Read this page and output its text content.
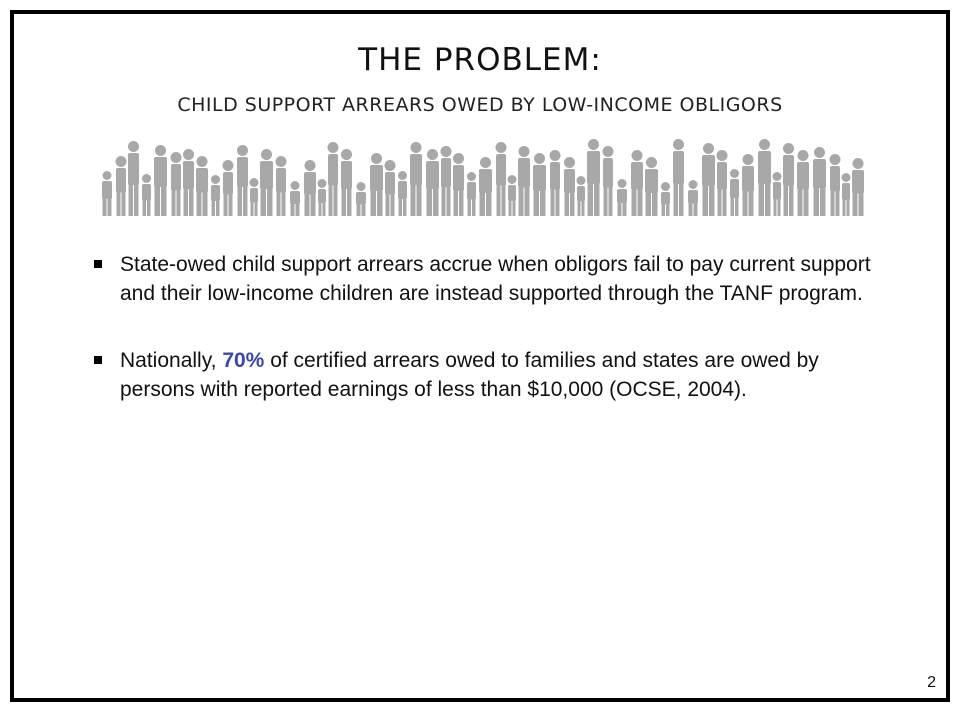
THE PROBLEM:
CHILD SUPPORT ARREARS OWED BY LOW-INCOME OBLIGORS
State-owed child support arrears accrue when obligors fail to pay current support and their low-income children are instead supported through the TANF program.
Nationally, 70% of certified arrears owed to families and states are owed by persons with reported earnings of less than $10,000 (OCSE, 2004).
2
